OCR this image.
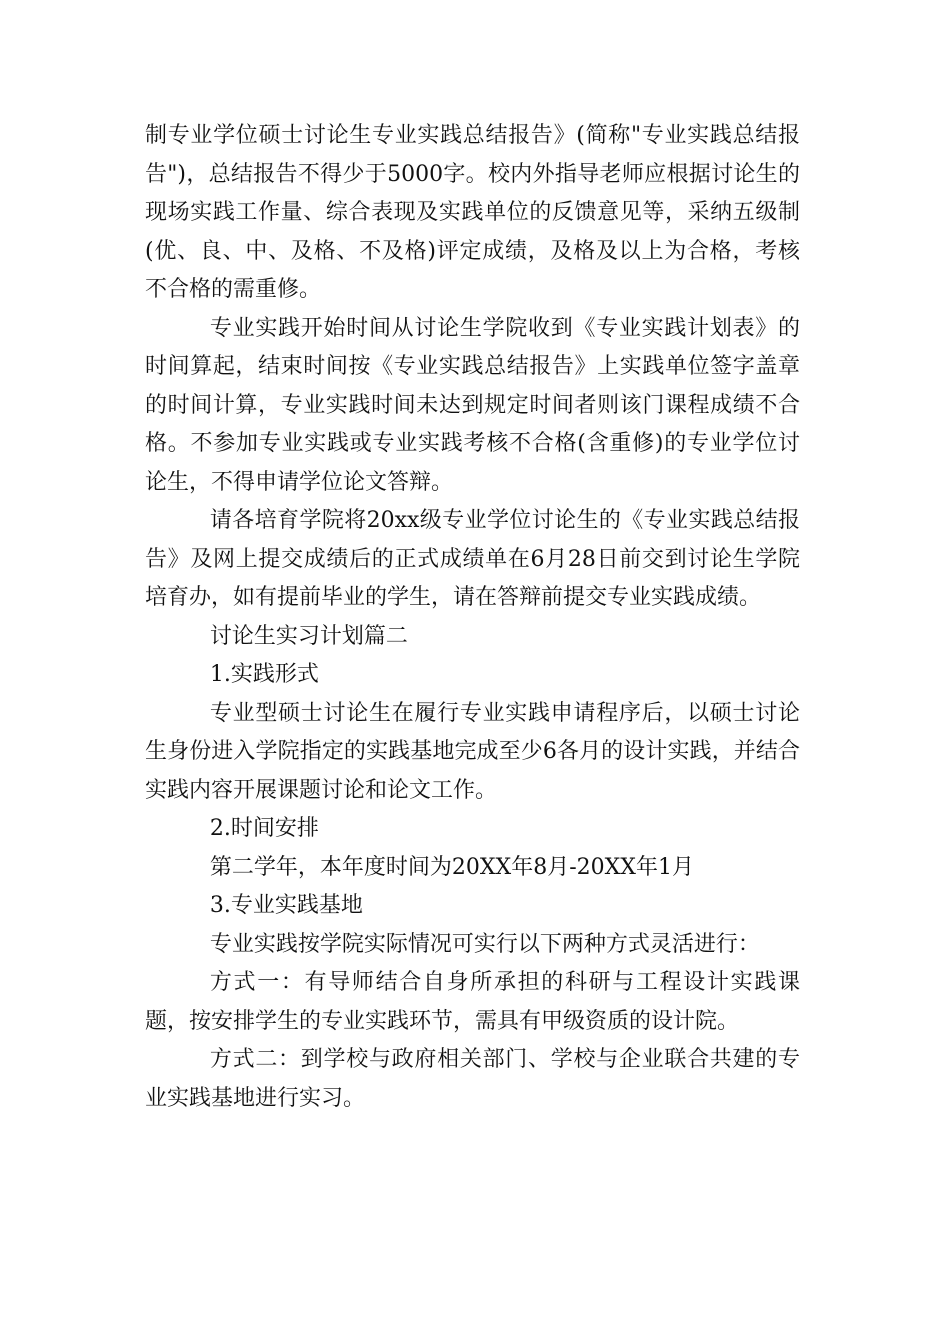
制专业学位硕士讨论生专业实践总结报告》(简称"专业实践总结报告")，总结报告不得少于5000字。校内外指导老师应根据讨论生的现场实践工作量、综合表现及实践单位的反馈意见等，采纳五级制(优、良、中、及格、不及格)评定成绩，及格及以上为合格，考核不合格的需重修。

专业实践开始时间从讨论生学院收到《专业实践计划表》的时间算起，结束时间按《专业实践总结报告》上实践单位签字盖章的时间计算，专业实践时间未达到规定时间者则该门课程成绩不合格。不参加专业实践或专业实践考核不合格(含重修)的专业学位讨论生，不得申请学位论文答辩。

请各培育学院将20xx级专业学位讨论生的《专业实践总结报告》及网上提交成绩后的正式成绩单在6月28日前交到讨论生学院培育办，如有提前毕业的学生，请在答辩前提交专业实践成绩。

讨论生实习计划篇二

1.实践形式

专业型硕士讨论生在履行专业实践申请程序后，以硕士讨论生身份进入学院指定的实践基地完成至少6各月的设计实践，并结合实践内容开展课题讨论和论文工作。

2.时间安排

第二学年，本年度时间为20XX年8月-20XX年1月

3.专业实践基地

专业实践按学院实际情况可实行以下两种方式灵活进行：

方式一：有导师结合自身所承担的科研与工程设计实践课题，按安排学生的专业实践环节，需具有甲级资质的设计院。

方式二：到学校与政府相关部门、学校与企业联合共建的专业实践基地进行实习。
